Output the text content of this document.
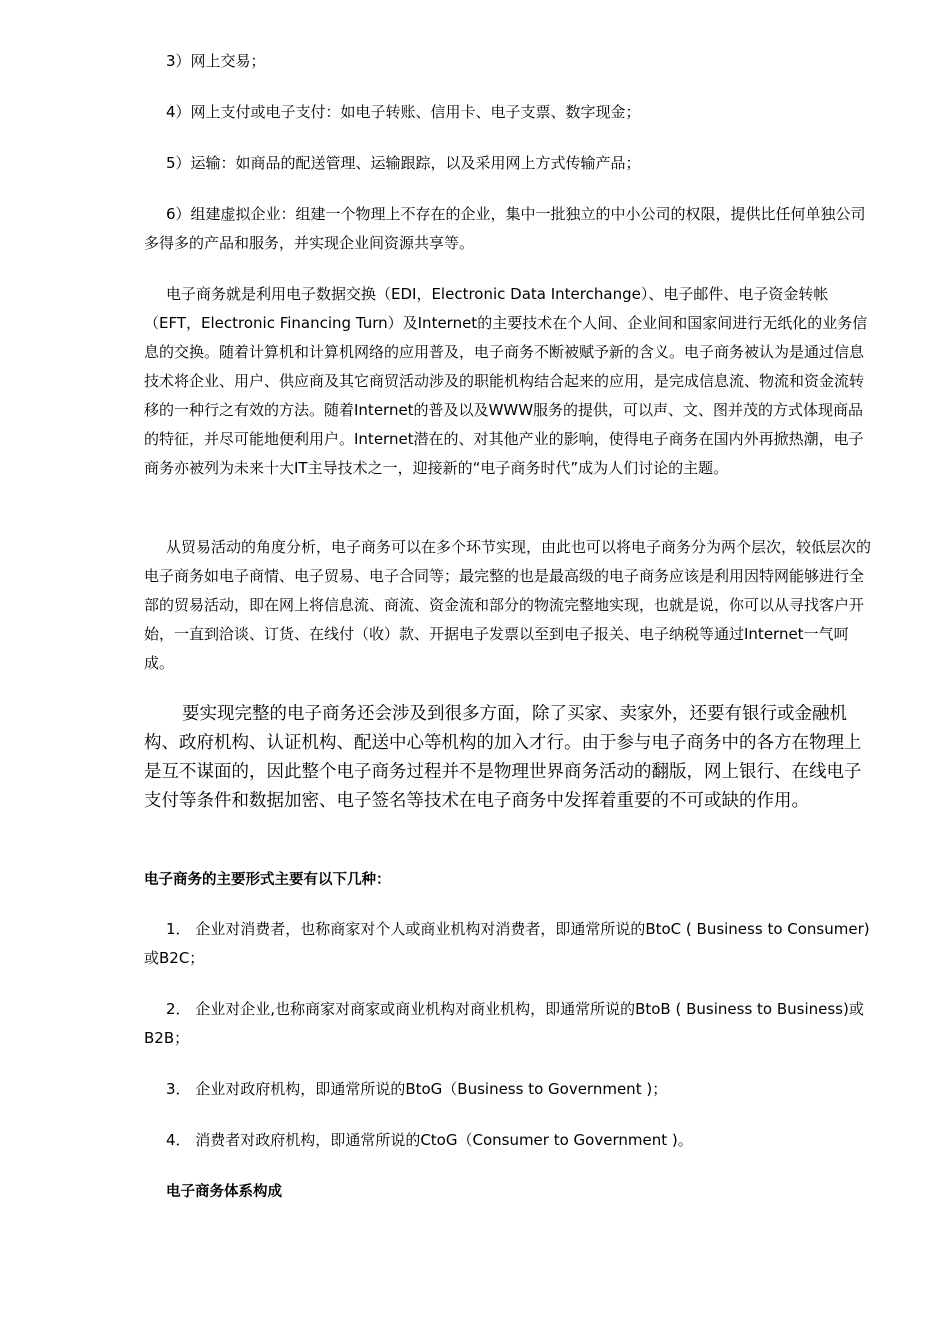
3）网上交易；

4）网上支付或电子支付：如电子转账、信用卡、电子支票、数字现金；

5）运输：如商品的配送管理、运输跟踪，以及采用网上方式传输产品；

6）组建虚拟企业：组建一个物理上不存在的企业，集中一批独立的中小公司的权限，提供比任何单独公司多得多的产品和服务，并实现企业间资源共享等。

电子商务就是利用电子数据交换（EDI，Electronic Data Interchange）、电子邮件、电子资金转帐（EFT，Electronic Financing Turn）及Internet的主要技术在个人间、企业间和国家间进行无纸化的业务信息的交换。随着计算机和计算机网络的应用普及，电子商务不断被赋予新的含义。电子商务被认为是通过信息技术将企业、用户、供应商及其它商贸活动涉及的职能机构结合起来的应用，是完成信息流、物流和资金流转移的一种行之有效的方法。随着Internet的普及以及WWW服务的提供，可以声、文、图并茂的方式体现商品的特征，并尽可能地便利用户。Internet潜在的、对其他产业的影响，使得电子商务在国内外再掀热潮，电子商务亦被列为未来十大IT主导技术之一，迎接新的“电子商务时代”成为人们讨论的主题。

从贸易活动的角度分析，电子商务可以在多个环节实现，由此也可以将电子商务分为两个层次，较低层次的电子商务如电子商情、电子贸易、电子合同等；最完整的也是最高级的电子商务应该是利用因特网能够进行全部的贸易活动，即在网上将信息流、商流、资金流和部分的物流完整地实现，也就是说，你可以从寻找客户开始，一直到洽谈、订货、在线付（收）款、开据电子发票以至到电子报关、电子纳税等通过Internet一气呵成。

要实现完整的电子商务还会涉及到很多方面，除了买家、卖家外，还要有银行或金融机构、政府机构、认证机构、配送中心等机构的加入才行。由于参与电子商务中的各方在物理上是互不谋面的，因此整个电子商务过程并不是物理世界商务活动的翻版，网上银行、在线电子支付等条件和数据加密、电子签名等技术在电子商务中发挥着重要的不可或缺的作用。

电子商务的主要形式主要有以下几种：

1． 企业对消费者，也称商家对个人或商业机构对消费者，即通常所说的BtoC ( Business to Consumer)或B2C；

2． 企业对企业,也称商家对商家或商业机构对商业机构，即通常所说的BtoB ( Business to Business)或B2B；

3． 企业对政府机构，即通常所说的BtoG（Business to Government )；

4． 消费者对政府机构，即通常所说的CtoG（Consumer to Government )。

电子商务体系构成
